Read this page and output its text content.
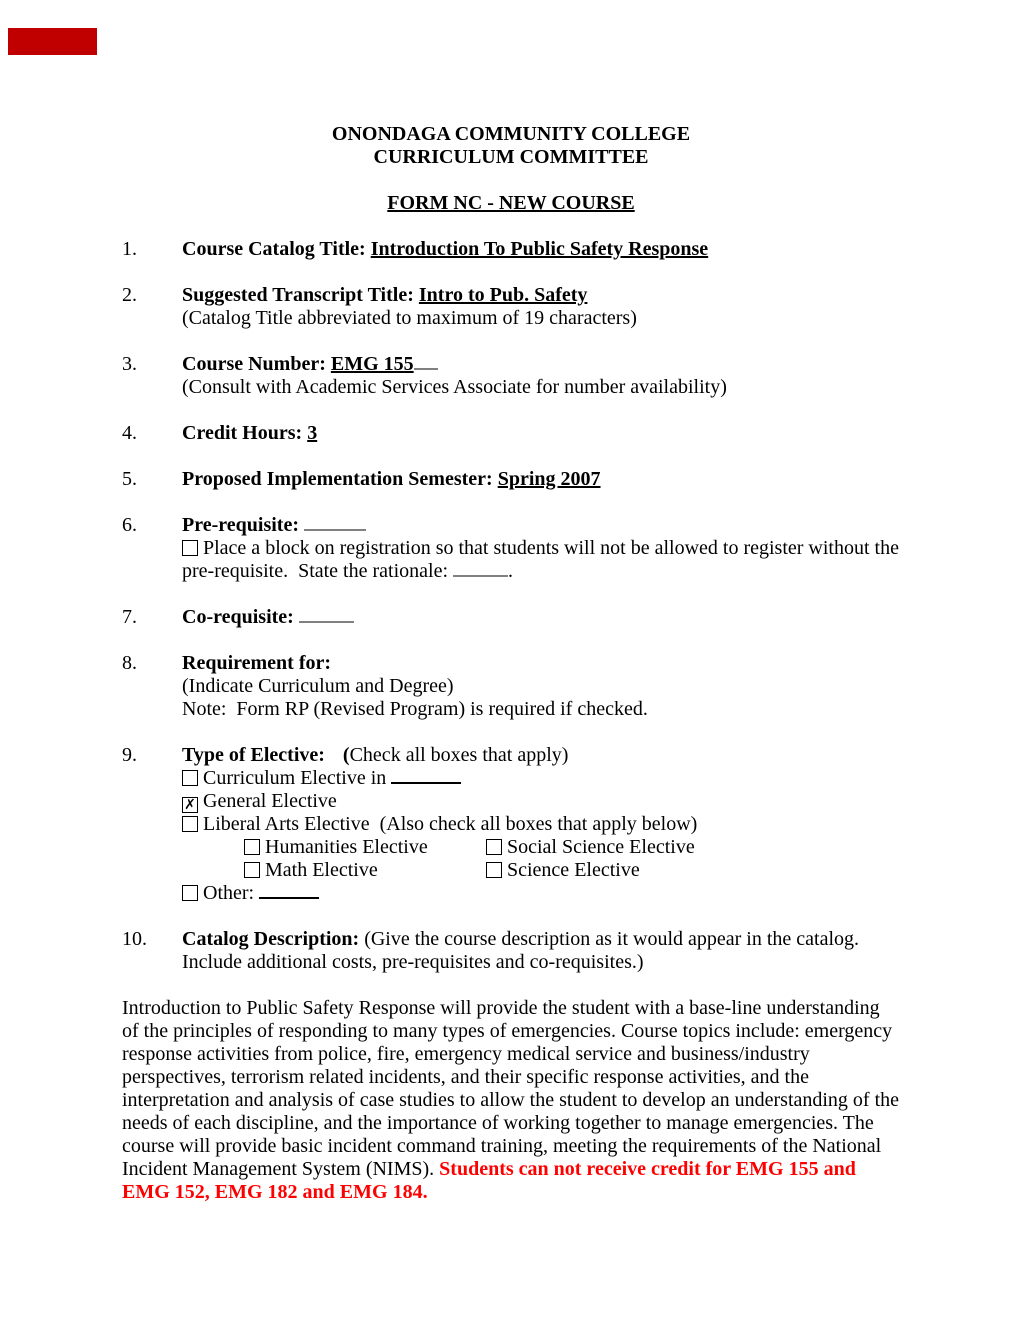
ONONDAGA COMMUNITY COLLEGE
CURRICULUM COMMITTEE
FORM NC - NEW COURSE
1.	Course Catalog Title: Introduction To Public Safety Response
2.	Suggested Transcript Title: Intro to Pub. Safety
(Catalog Title abbreviated to maximum of 19 characters)
3.	Course Number: EMG 155
(Consult with Academic Services Associate for number availability)
4.	Credit Hours: 3
5.	Proposed Implementation Semester: Spring 2007
6.	Pre-requisite:
Place a block on registration so that students will not be allowed to register without the pre-requisite.  State the rationale:	.
7.	Co-requisite:
8.	Requirement for:
(Indicate Curriculum and Degree)
Note:  Form RP (Revised Program) is required if checked.
9.	Type of Elective: (Check all boxes that apply)
Curriculum Elective in
✗ General Elective
Liberal Arts Elective (Also check all boxes that apply below)
Humanities Elective	Social Science Elective
Math Elective	Science Elective
Other:
10.	Catalog Description: (Give the course description as it would appear in the catalog.  Include additional costs, pre-requisites and co-requisites.)
Introduction to Public Safety Response will provide the student with a base-line understanding of the principles of responding to many types of emergencies. Course topics include: emergency response activities from police, fire, emergency medical service and business/industry perspectives, terrorism related incidents, and their specific response activities, and the interpretation and analysis of case studies to allow the student to develop an understanding of the needs of each discipline, and the importance of working together to manage emergencies. The course will provide basic incident command training, meeting the requirements of the National Incident Management System (NIMS). Students can not receive credit for EMG 155 and EMG 152, EMG 182 and EMG 184.
